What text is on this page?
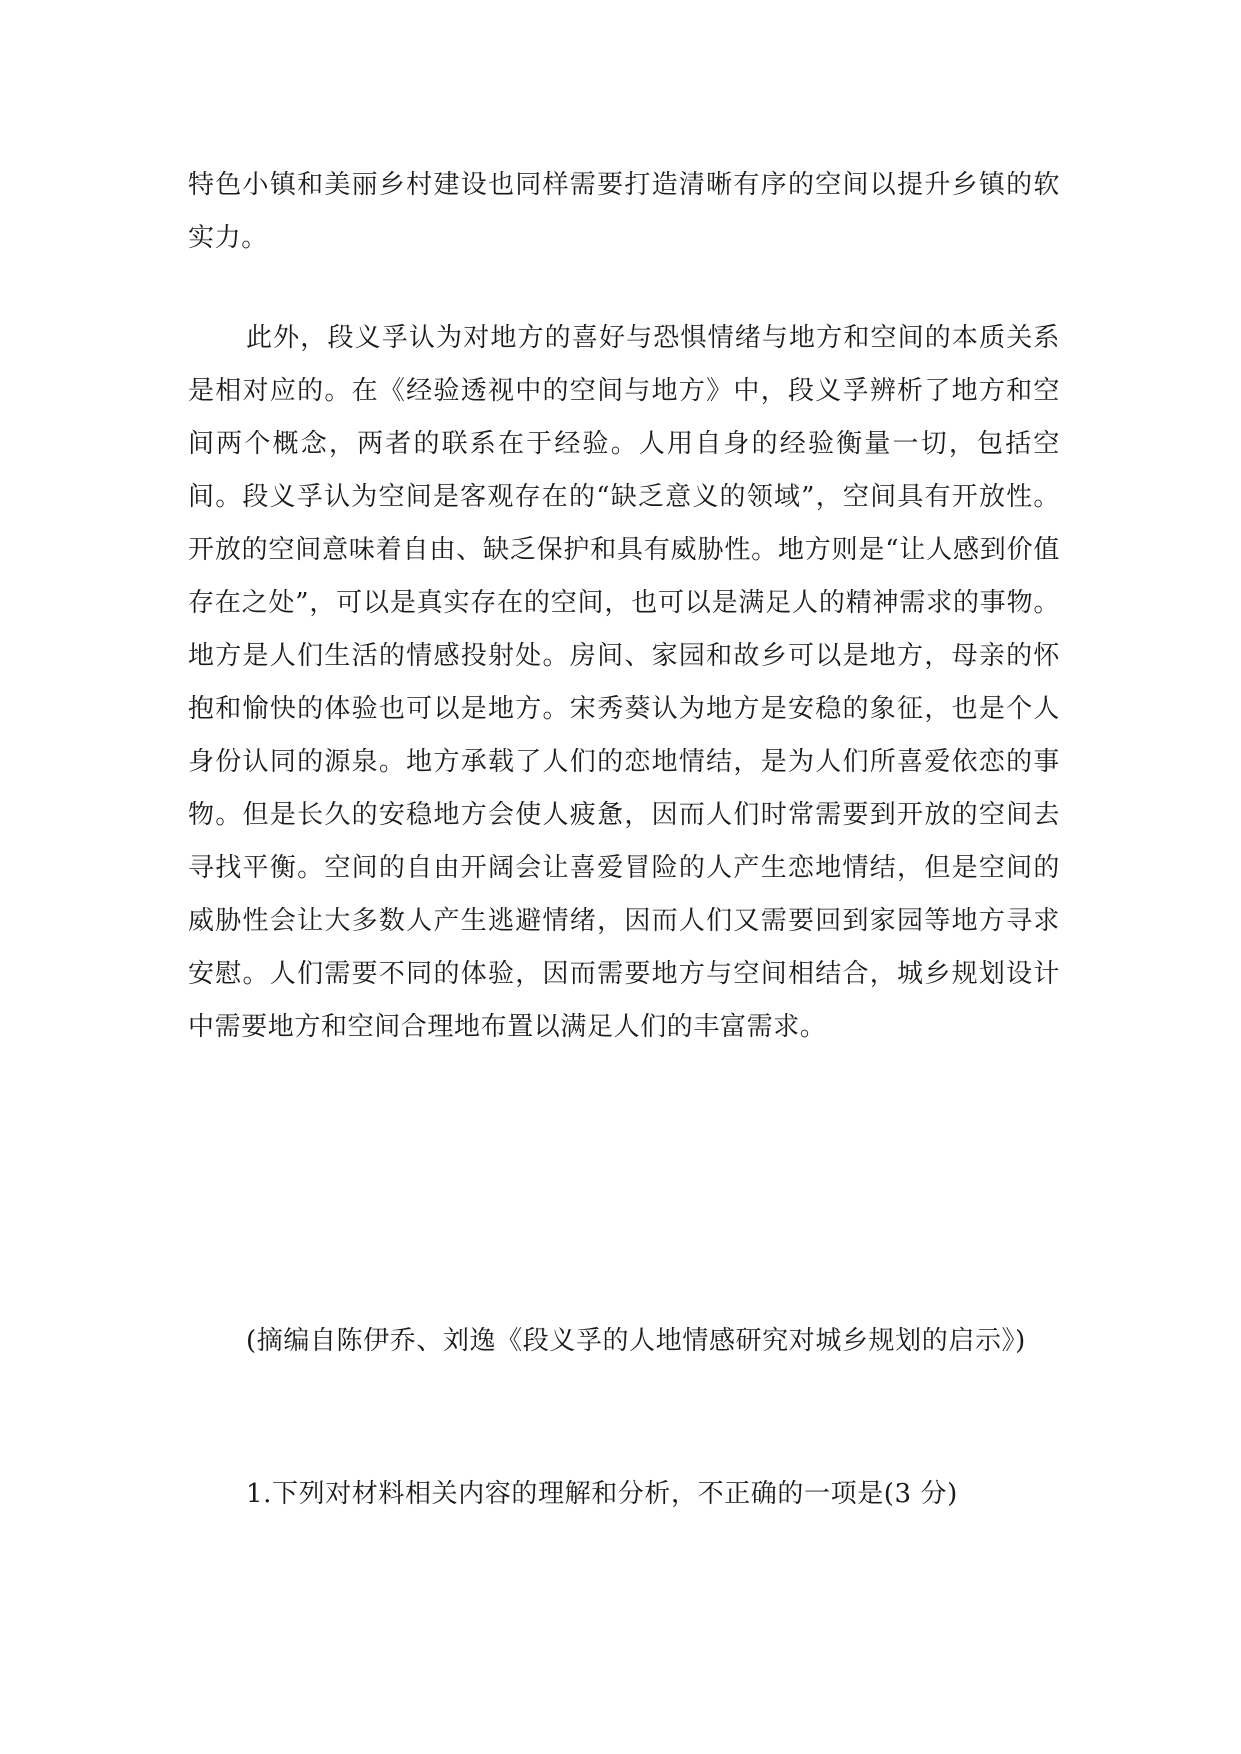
特色小镇和美丽乡村建设也同样需要打造清晰有序的空间以提升乡镇的软实力。

此外，段义孚认为对地方的喜好与恐惧情绪与地方和空间的本质关系是相对应的。在《经验透视中的空间与地方》中，段义孚辨析了地方和空间两个概念，两者的联系在于经验。人用自身的经验衡量一切，包括空间。段义孚认为空间是客观存在的“缺乏意义的领域”，空间具有开放性。开放的空间意味着自由、缺乏保护和具有威胁性。地方则是“让人感到价值存在之处”，可以是真实存在的空间，也可以是满足人的精神需求的事物。地方是人们生活的情感投射处。房间、家园和故乡可以是地方，母亲的怀抱和愉快的体验也可以是地方。宋秀葵认为地方是安稳的象征，也是个人身份认同的源泉。地方承载了人们的恋地情结，是为人们所喜爱依恋的事物。但是长久的安稳地方会使人疲惫，因而人们时常需要到开放的空间去寻找平衡。空间的自由开阔会让喜爱冒险的人产生恋地情结，但是空间的威胁性会让大多数人产生逃避情绪，因而人们又需要回到家园等地方寻求安慰。人们需要不同的体验，因而需要地方与空间相结合，城乡规划设计中需要地方和空间合理地布置以满足人们的丰富需求。

(摘编自陈伊乔、刘逸《段义孚的人地情感研究对城乡规划的启示》)

1.下列对材料相关内容的理解和分析，不正确的一项是(3 分)
